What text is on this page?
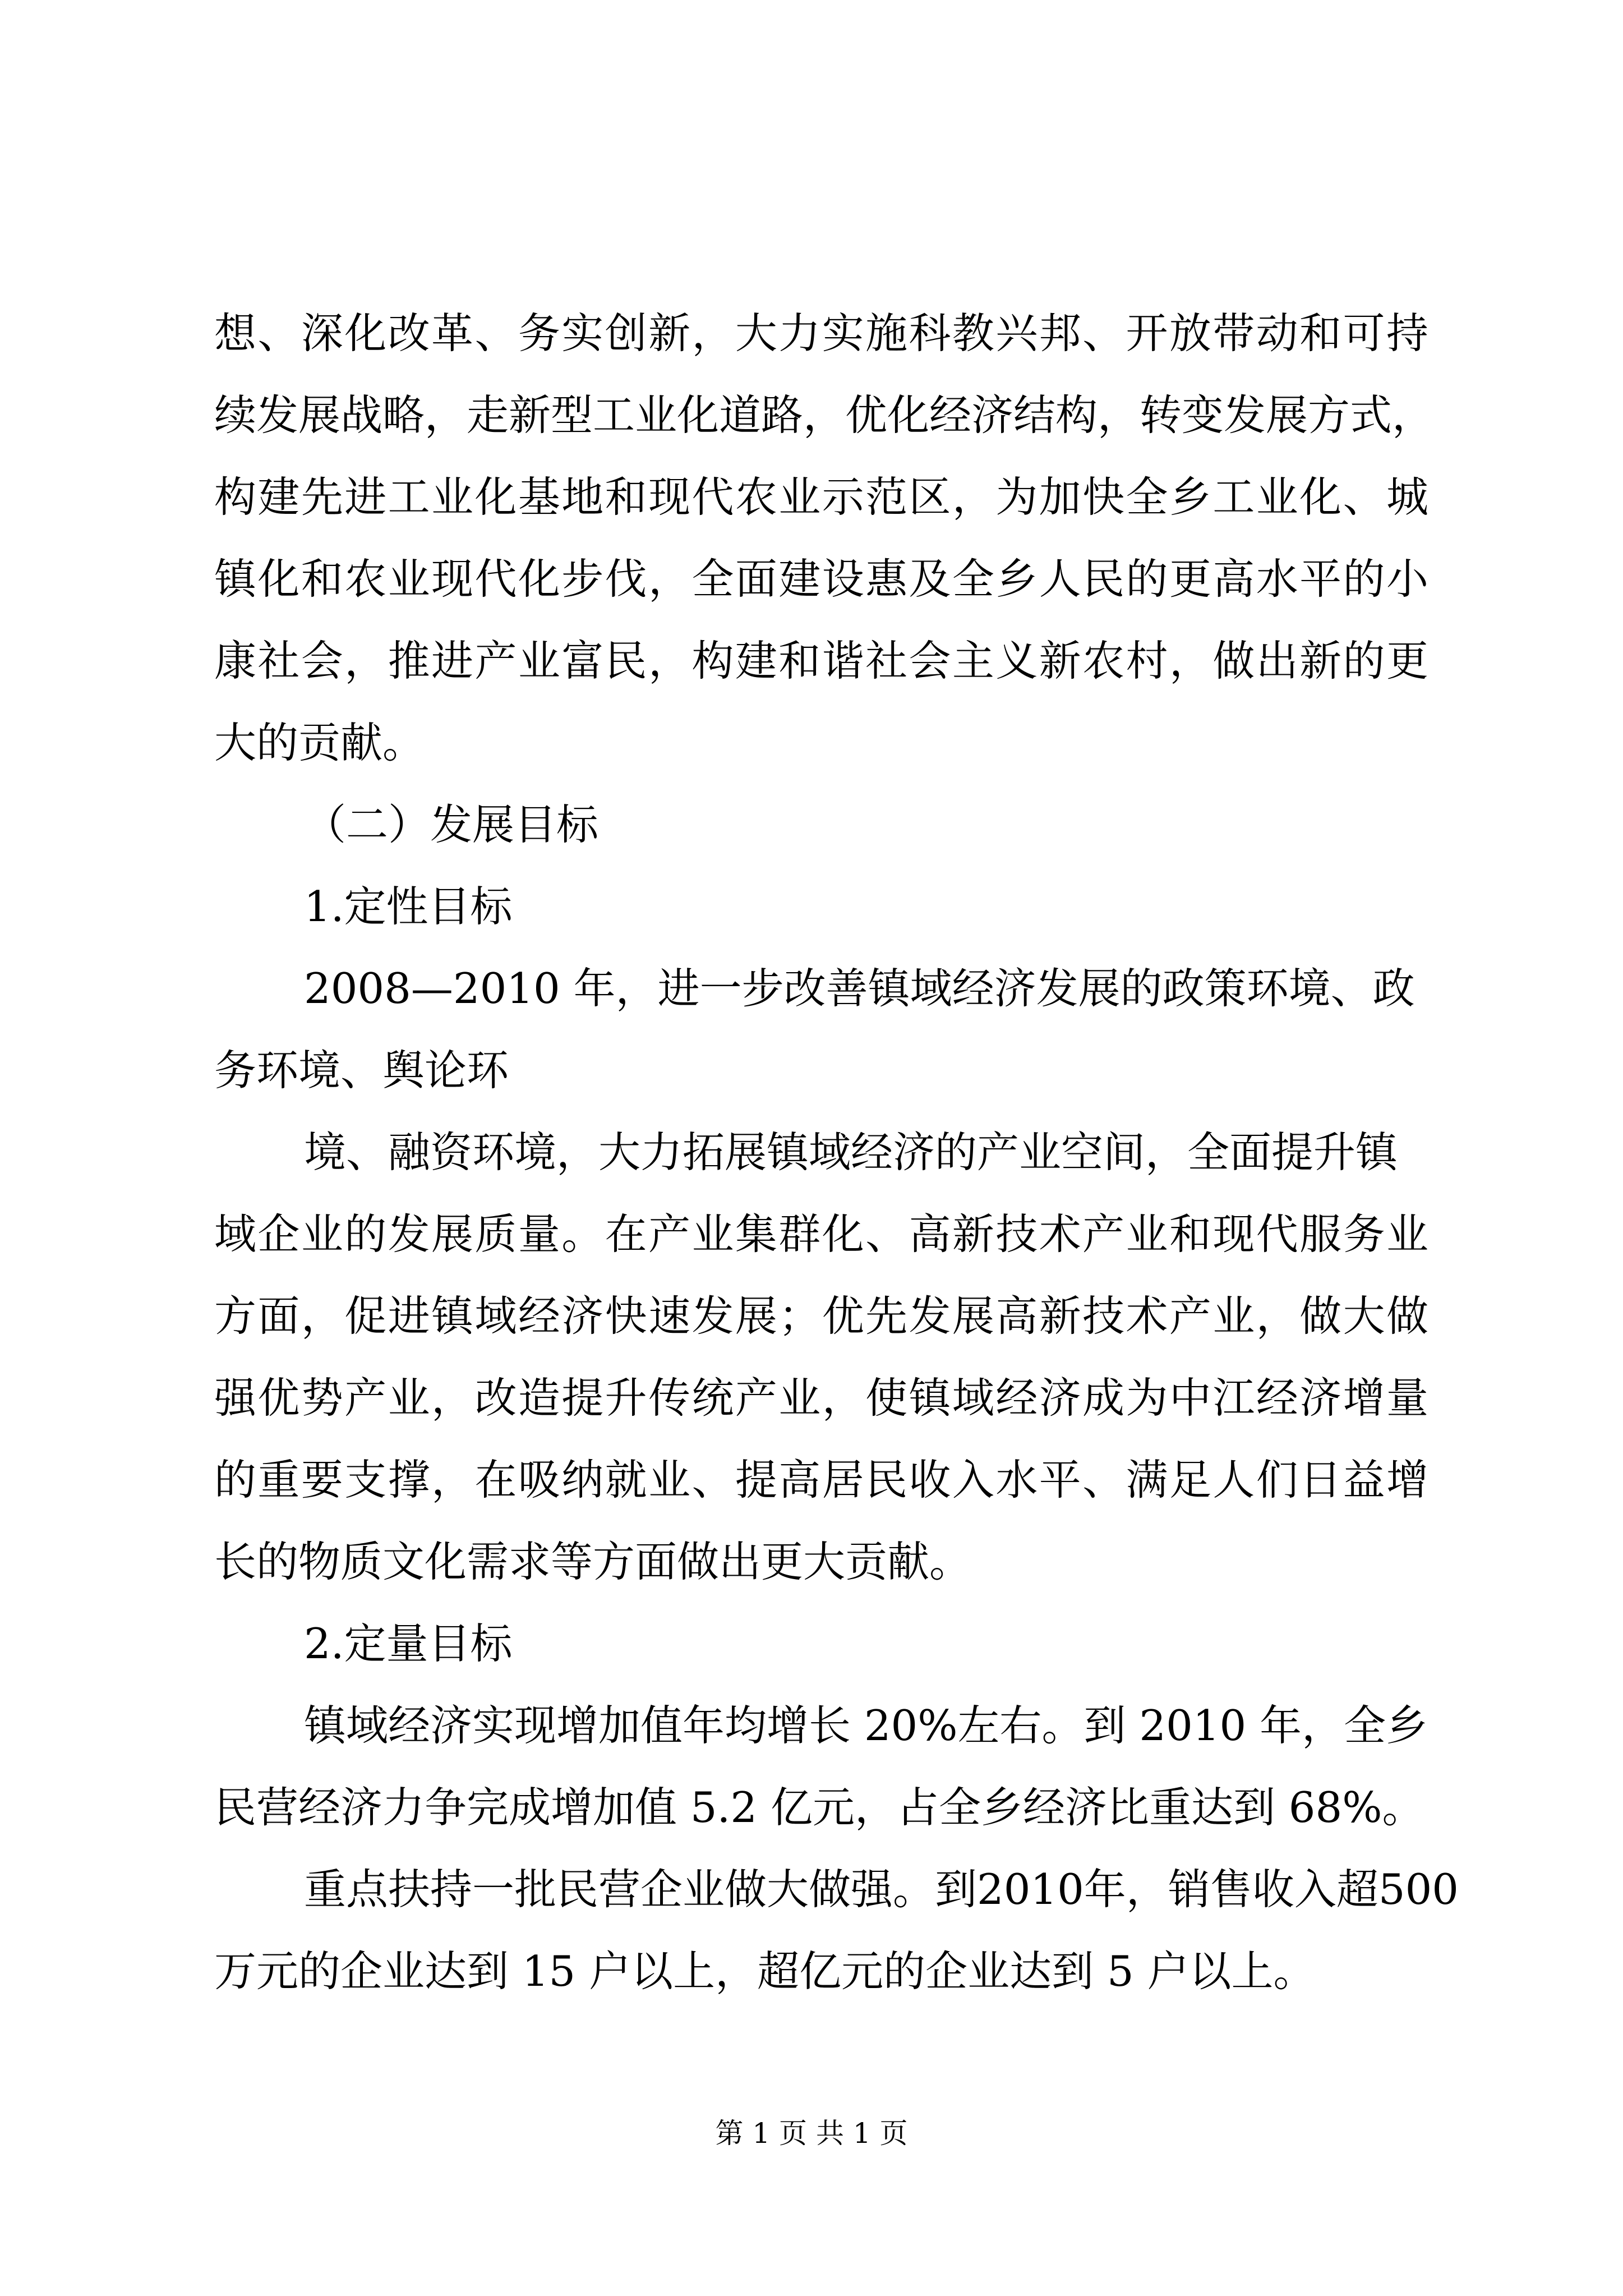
想、深化改革、务实创新，大力实施科教兴邦、开放带动和可持
续发展战略，走新型工业化道路，优化经济结构，转变发展方式，
构建先进工业化基地和现代农业示范区，为加快全乡工业化、城
镇化和农业现代化步伐，全面建设惠及全乡人民的更高水平的小
康社会，推进产业富民，构建和谐社会主义新农村，做出新的更
大的贡献。
（二）发展目标
1.定性目标
2008—2010 年，进一步改善镇域经济发展的政策环境、政
务环境、舆论环
境、融资环境，大力拓展镇域经济的产业空间，全面提升镇
域企业的发展质量。在产业集群化、高新技术产业和现代服务业
方面，促进镇域经济快速发展；优先发展高新技术产业，做大做
强优势产业，改造提升传统产业，使镇域经济成为中江经济增量
的重要支撑，在吸纳就业、提高居民收入水平、满足人们日益增
长的物质文化需求等方面做出更大贡献。
2.定量目标
镇域经济实现增加值年均增长 20%左右。到 2010 年，全乡
民营经济力争完成增加值 5.2 亿元，占全乡经济比重达到 68%。
重点扶持一批民营企业做大做强。到2010年，销售收入超500
万元的企业达到 15 户以上，超亿元的企业达到 5 户以上。
第 1 页 共 1 页
